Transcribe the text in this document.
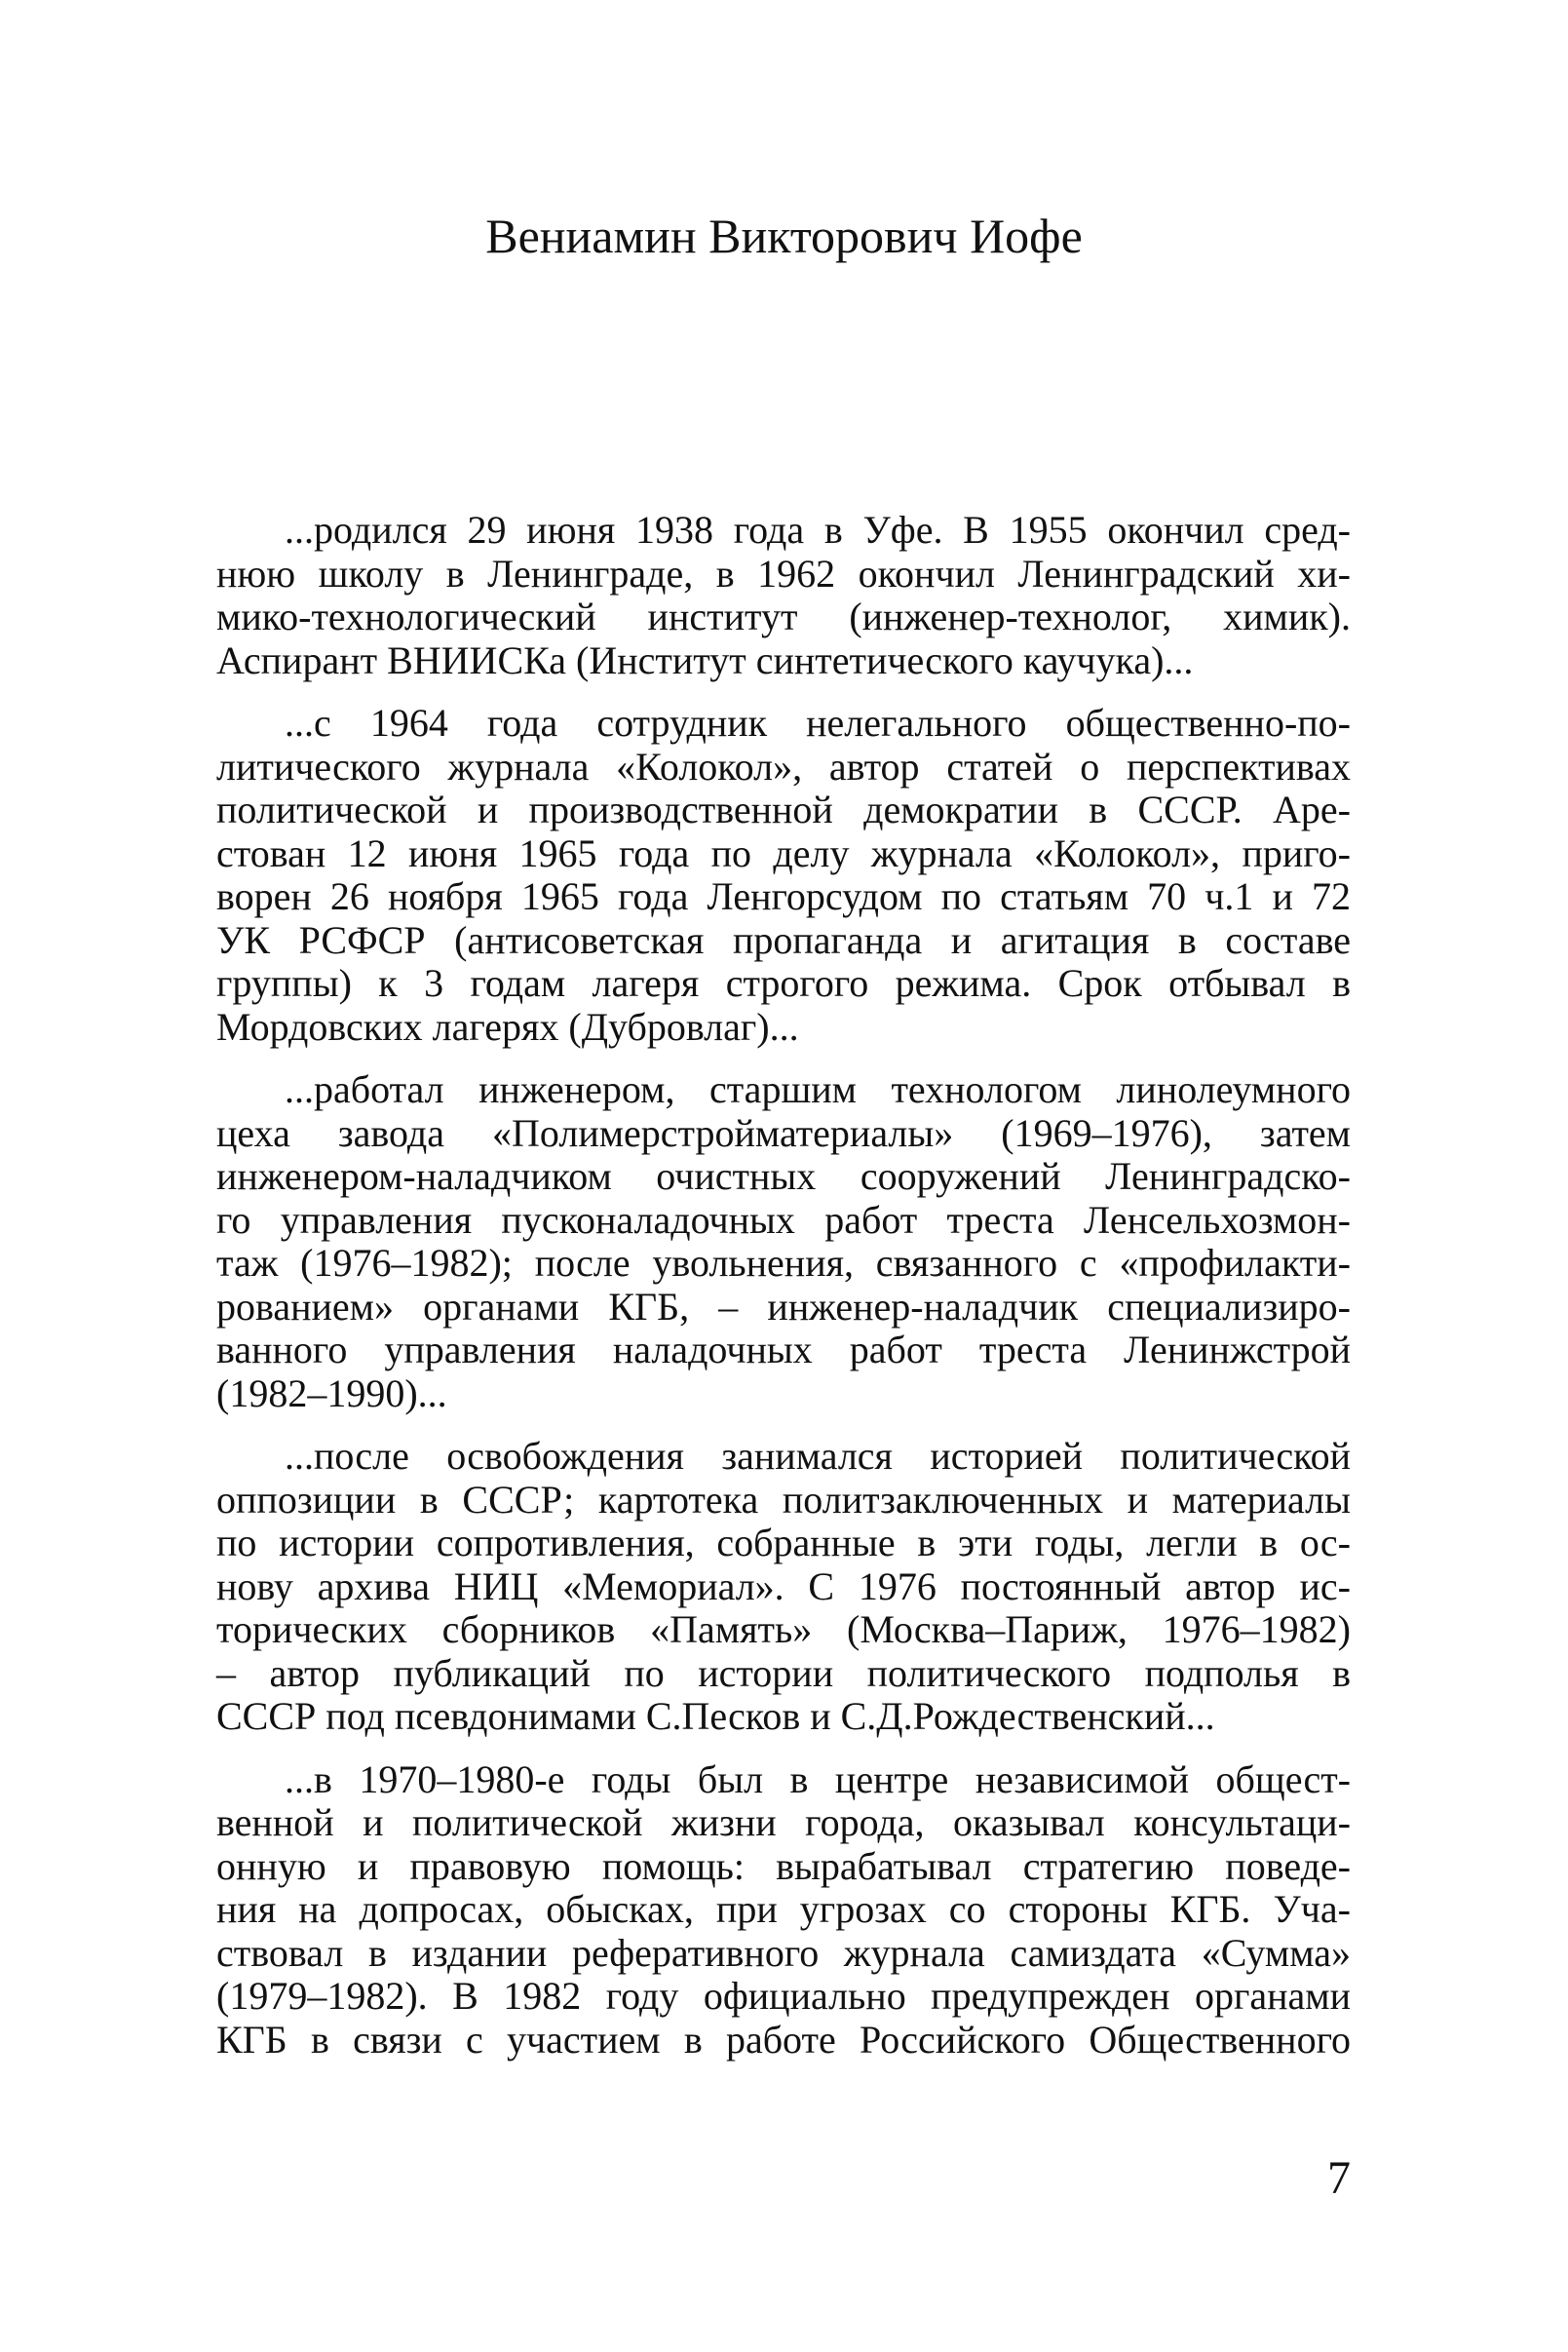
Вениамин Викторович Иофе
...родился 29 июня 1938 года в Уфе. В 1955 окончил сред-
нюю школу в Ленинграде, в 1962 окончил Ленинградский хи-
мико-технологический институт (инженер-технолог, химик).
Аспирант ВНИИСКа (Институт синтетического каучука)...
...с 1964 года сотрудник нелегального общественно-по-
литического журнала «Колокол», автор статей о перспективах
политической и производственной демократии в СССР. Аре-
стован 12 июня 1965 года по делу журнала «Колокол», приго-
ворен 26 ноября 1965 года Ленгорсудом по статьям 70 ч.1 и 72
УК РСФСР (антисоветская пропаганда и агитация в составе
группы) к 3 годам лагеря строгого режима. Срок отбывал в
Мордовских лагерях (Дубровлаг)...
...работал инженером, старшим технологом линолеумного
цеха завода «Полимерстройматериалы» (1969–1976), затем
инженером-наладчиком очистных сооружений Ленинградско-
го управления пусконаладочных работ треста Ленсельхозмон-
таж (1976–1982); после увольнения, связанного с «профилакти-
рованием» органами КГБ, – инженер-наладчик специализиро-
ванного управления наладочных работ треста Ленинжстрой
(1982–1990)...
...после освобождения занимался историей политической
оппозиции в СССР; картотека политзаключенных и материалы
по истории сопротивления, собранные в эти годы, легли в ос-
нову архива НИЦ «Мемориал». С 1976 постоянный автор ис-
торических сборников «Память» (Москва–Париж, 1976–1982)
– автор публикаций по истории политического подполья в
СССР под псевдонимами С.Песков и С.Д.Рождественский...
...в 1970–1980-е годы был в центре независимой общест-
венной и политической жизни города, оказывал консультаци-
онную и правовую помощь: вырабатывал стратегию поведе-
ния на допросах, обысках, при угрозах со стороны КГБ. Уча-
ствовал в издании реферативного журнала самиздата «Сумма»
(1979–1982). В 1982 году официально предупрежден органами
КГБ в связи с участием в работе Российского Общественного
7
